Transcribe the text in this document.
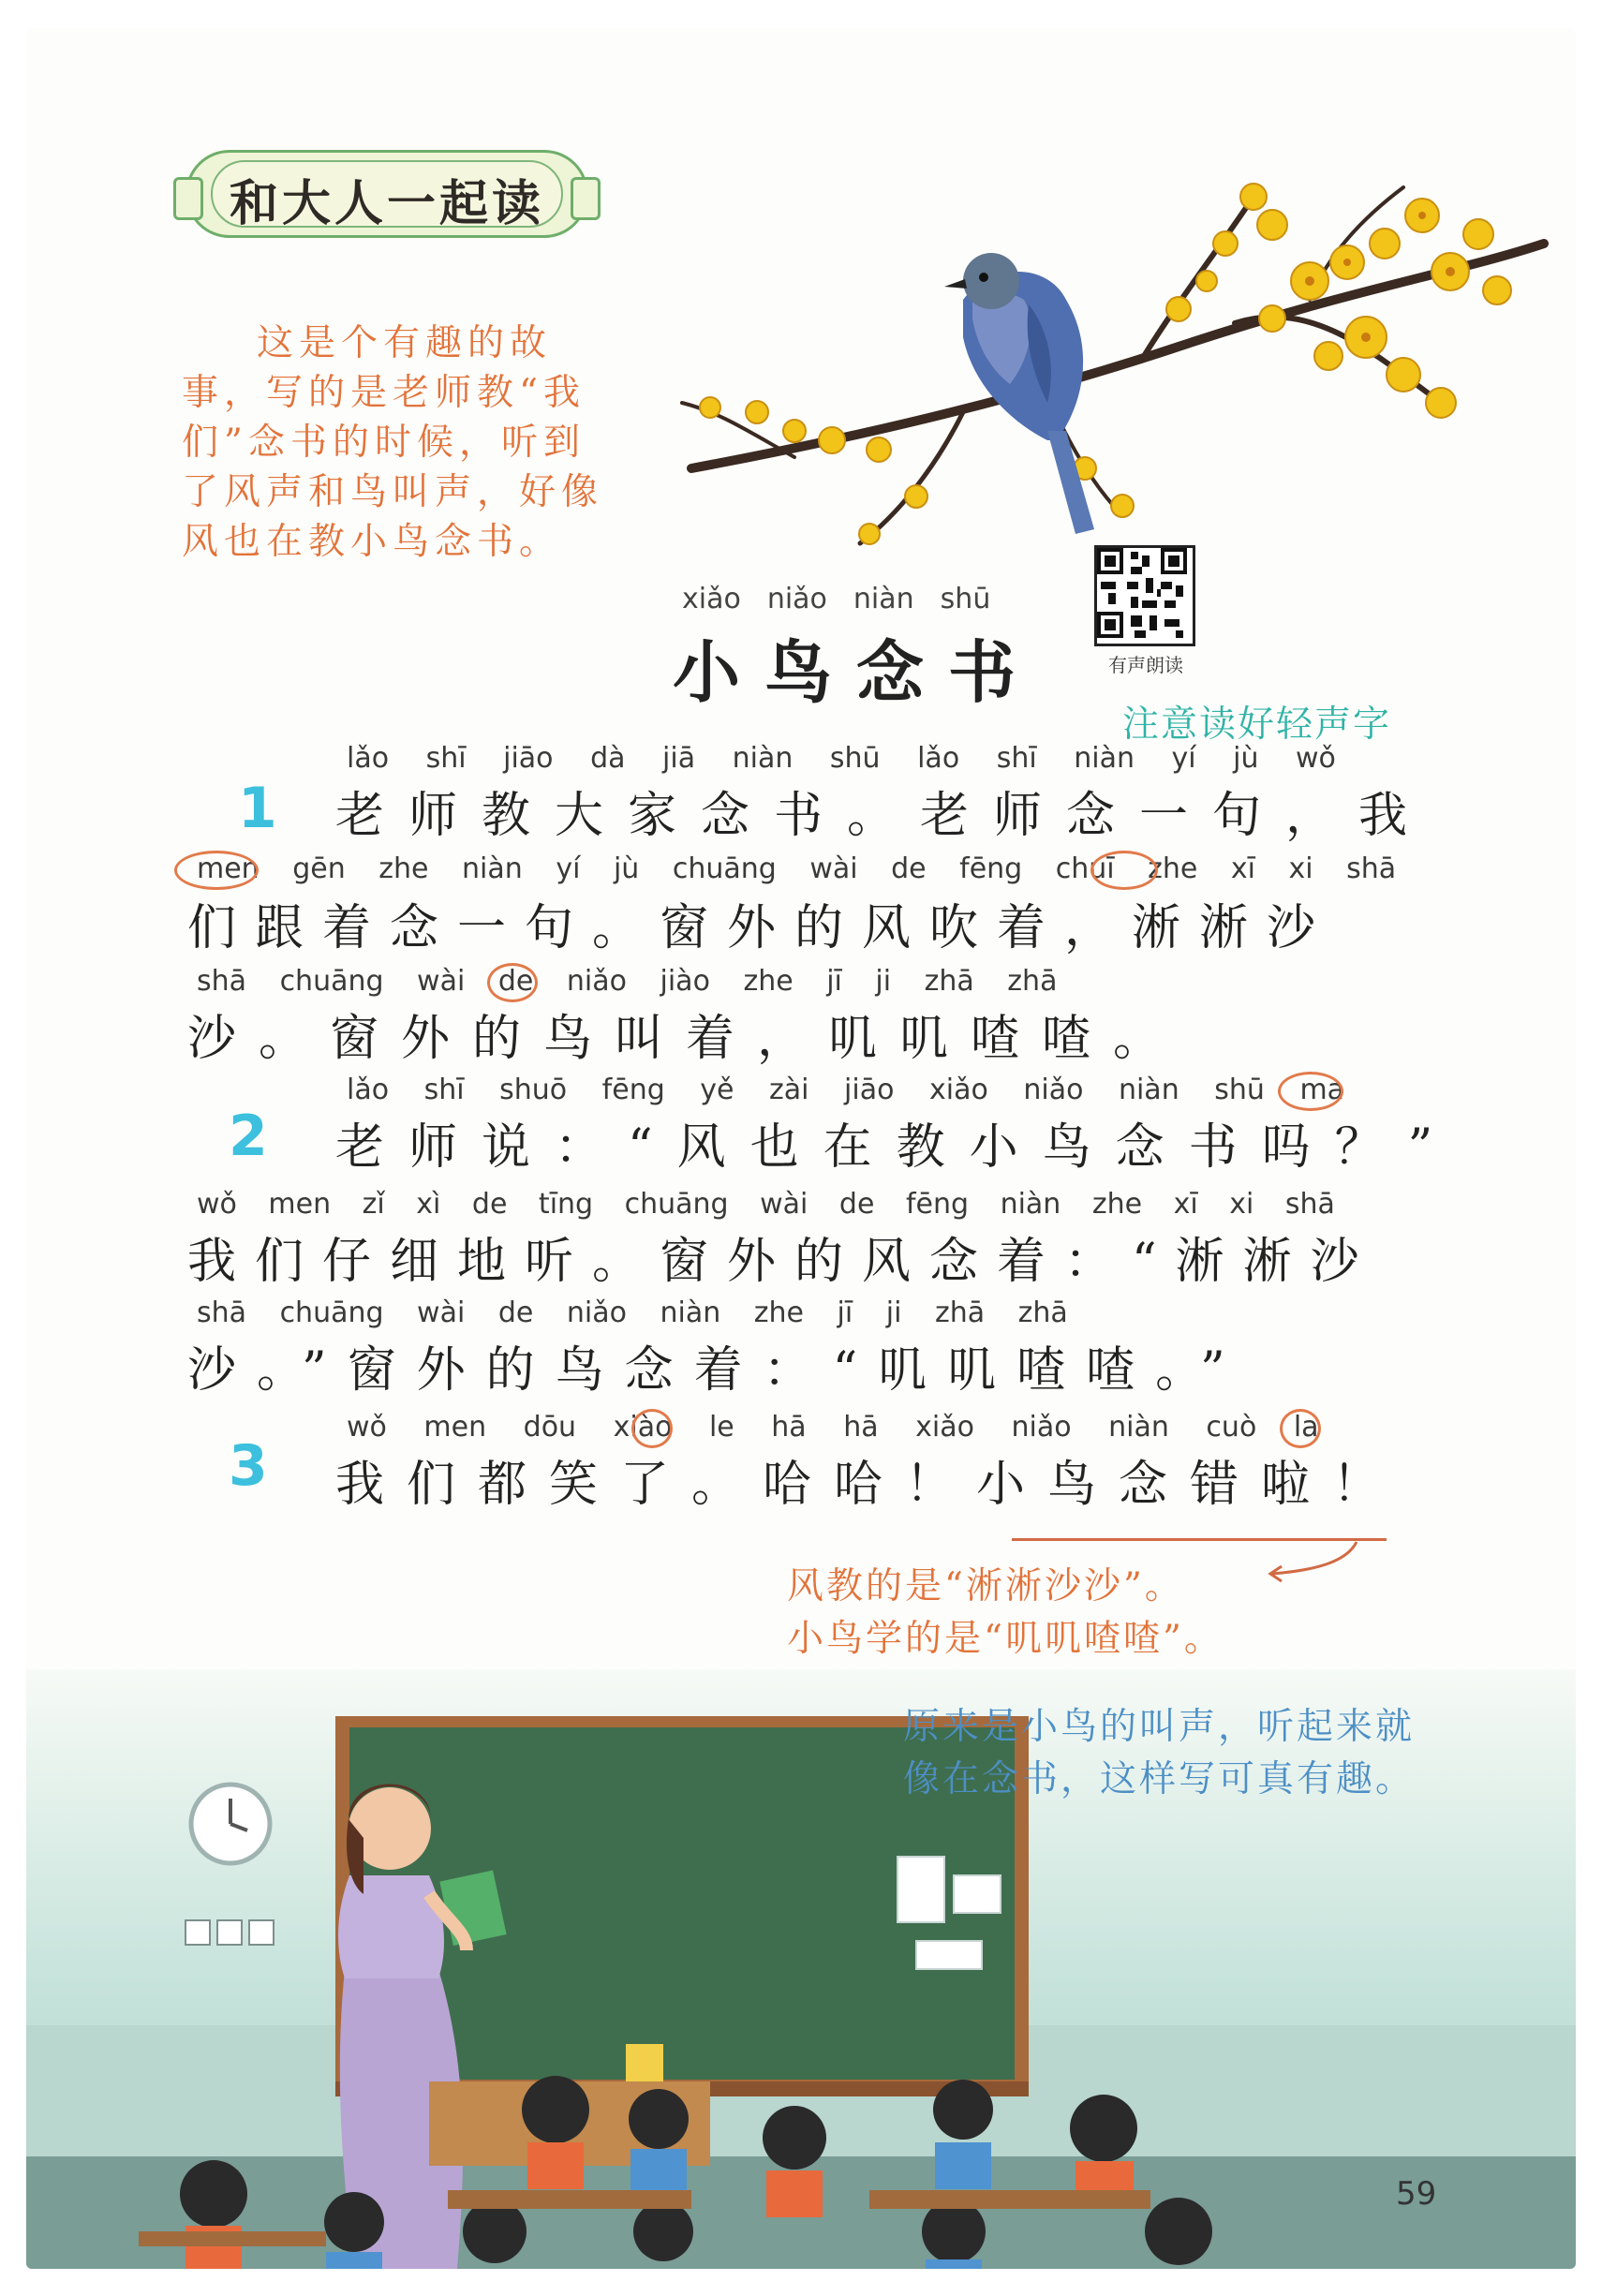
和大人一起读

这是个有趣的故

事，写的是老师教“我

们”念书的时候，听到

了风声和鸟叫声，好像

风也在教小鸟念书。

有声朗读
xiǎo niǎo niàn shū
小鸟念书
注意读好轻声字
1
2
3
lǎo shī jiāo dà jiā niàn shū lǎo shī niàn yí jù wǒ
老师教大家念书。老师念一句，我
men gēn zhe niàn yí jù chuāng wài de fēng chuī zhe xī xi shā
们跟着念一句。窗外的风吹着，淅淅沙
shā chuāng wài de niǎo jiào zhe jī ji zhā zhā
沙。窗外的鸟叫着，叽叽喳喳。
lǎo shī shuō fēng yě zài jiāo xiǎo niǎo niàn shū ma
老师说：“风也在教小鸟念书吗？”
wǒ men zǐ xì de tīng chuāng wài de fēng niàn zhe xī xi shā
我们仔细地听。窗外的风念着：“淅淅沙
shā chuāng wài de niǎo niàn zhe jī ji zhā zhā
沙。”窗外的鸟念着：“叽叽喳喳。”
wǒ men dōu xiào le hā hā xiǎo niǎo niàn cuò la
我们都笑了。哈哈！小鸟念错啦！

风教的是“淅淅沙沙”。

小鸟学的是“叽叽喳喳”。

原来是小鸟的叫声，听起来就

像在念书，这样写可真有趣。

59
